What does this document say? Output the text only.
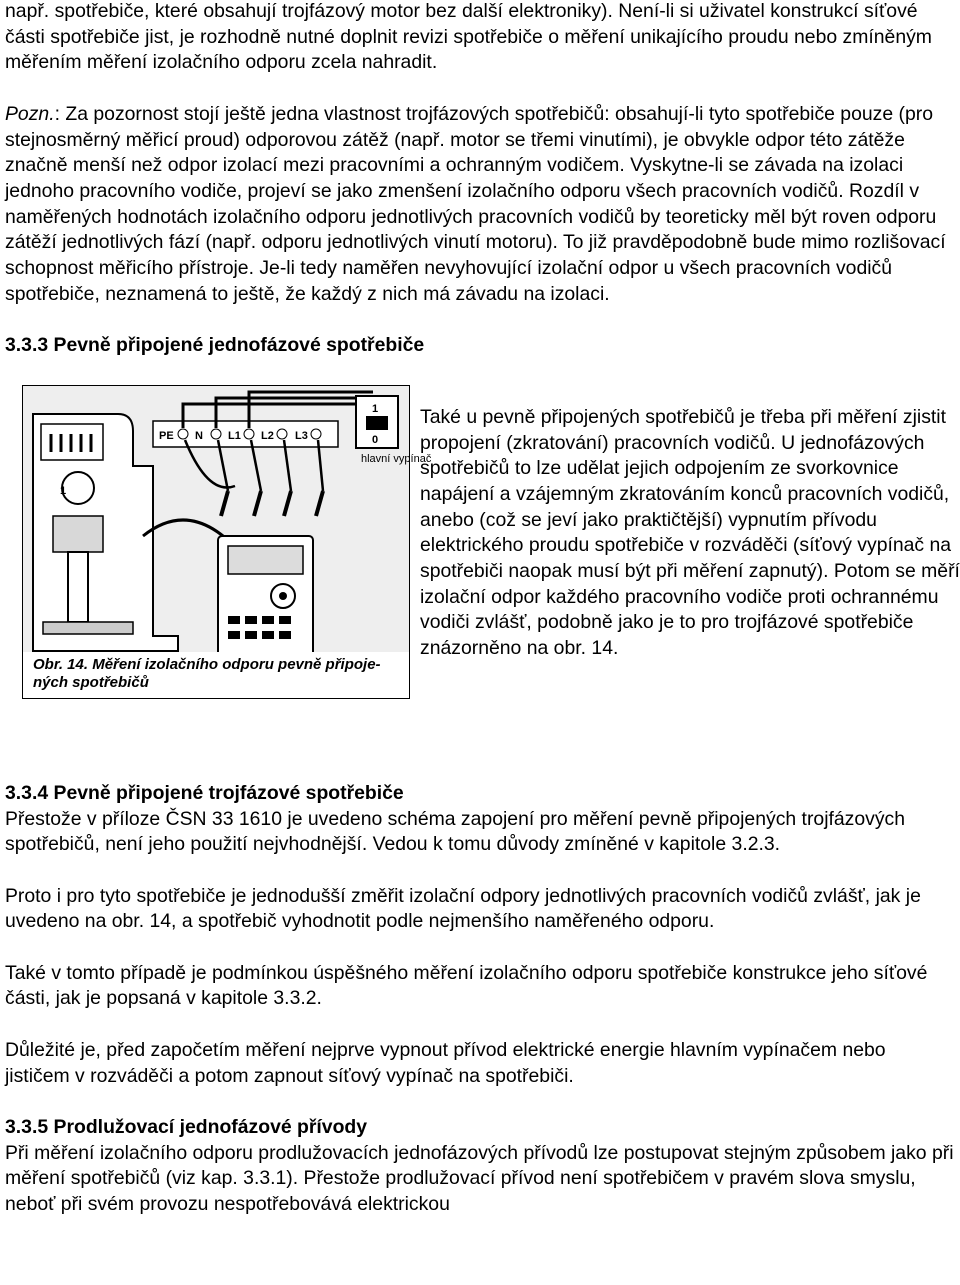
např. spotřebiče, které obsahují trojfázový motor bez další elektroniky). Není-li si uživatel konstrukcí síťové části spotřebiče jist, je rozhodně nutné doplnit revizi spotřebiče o měření unikajícího proudu nebo zmíněným měřením měření izolačního odporu zcela nahradit.

Pozn.: Za pozornost stojí ještě jedna vlastnost trojfázových spotřebičů: obsahují-li tyto spotřebiče pouze (pro stejnosměrný měřicí proud) odporovou zátěž (např. motor se třemi vinutími), je obvykle odpor této zátěže značně menší než odpor izolací mezi pracovními a ochranným vodičem. Vyskytne-li se závada na izolaci jednoho pracovního vodiče, projeví se jako zmenšení izolačního odporu všech pracovních vodičů. Rozdíl v naměřených hodnotách izolačního odporu jednotlivých pracovních vodičů by teoreticky měl být roven odporu zátěží jednotlivých fází (např. odporu jednotlivých vinutí motoru). To již pravděpodobně bude mimo rozlišovací schopnost měřicího přístroje. Je-li tedy naměřen nevyhovující izolační odpor u všech pracovních vodičů spotřebiče, neznamená to ještě, že každý z nich má závadu na izolaci.

3.3.3 Pevně připojené jednofázové spotřebiče

1
PE N L1 L2 L3
1
0
hlavní vypínač
Obr. 14. Měření izolačního odporu pevně připoje-ných spotřebičů

Také u pevně připojených spotřebičů je třeba při měření zjistit propojení (zkratování) pracovních vodičů. U jednofázových spotřebičů to lze udělat jejich odpojením ze svorkovnice napájení a vzájemným zkratováním konců pracovních vodičů, anebo (což se jeví jako praktičtější) vypnutím přívodu elektrického proudu spotřebiče v rozváděči (síťový vypínač na spotřebiči naopak musí být při měření zapnutý). Potom se měří izolační odpor každého pracovního vodiče proti ochrannému vodiči zvlášť, podobně jako je to pro trojfázové spotřebiče znázorněno na obr. 14.

3.3.4 Pevně připojené trojfázové spotřebiče

Přestože v příloze ČSN 33 1610 je uvedeno schéma zapojení pro měření pevně připojených trojfázových spotřebičů, není jeho použití nejvhodnější. Vedou k tomu důvody zmíněné v kapitole 3.2.3.

Proto i pro tyto spotřebiče je jednodušší změřit izolační odpory jednotlivých pracovních vodičů zvlášť, jak je uvedeno na obr. 14, a spotřebič vyhodnotit podle nejmenšího naměřeného odporu.

Také v tomto případě je podmínkou úspěšného měření izolačního odporu spotřebiče konstrukce jeho síťové části, jak je popsaná v kapitole 3.3.2.

Důležité je, před započetím měření nejprve vypnout přívod elektrické energie hlavním vypínačem nebo jističem v rozváděči a potom zapnout síťový vypínač na spotřebiči.

3.3.5 Prodlužovací jednofázové přívody

Při měření izolačního odporu prodlužovacích jednofázových přívodů lze postupovat stejným způsobem jako při měření spotřebičů (viz kap. 3.3.1). Přestože prodlužovací přívod není spotřebičem v pravém slova smyslu, neboť při svém provozu nespotřebovává elektrickou
